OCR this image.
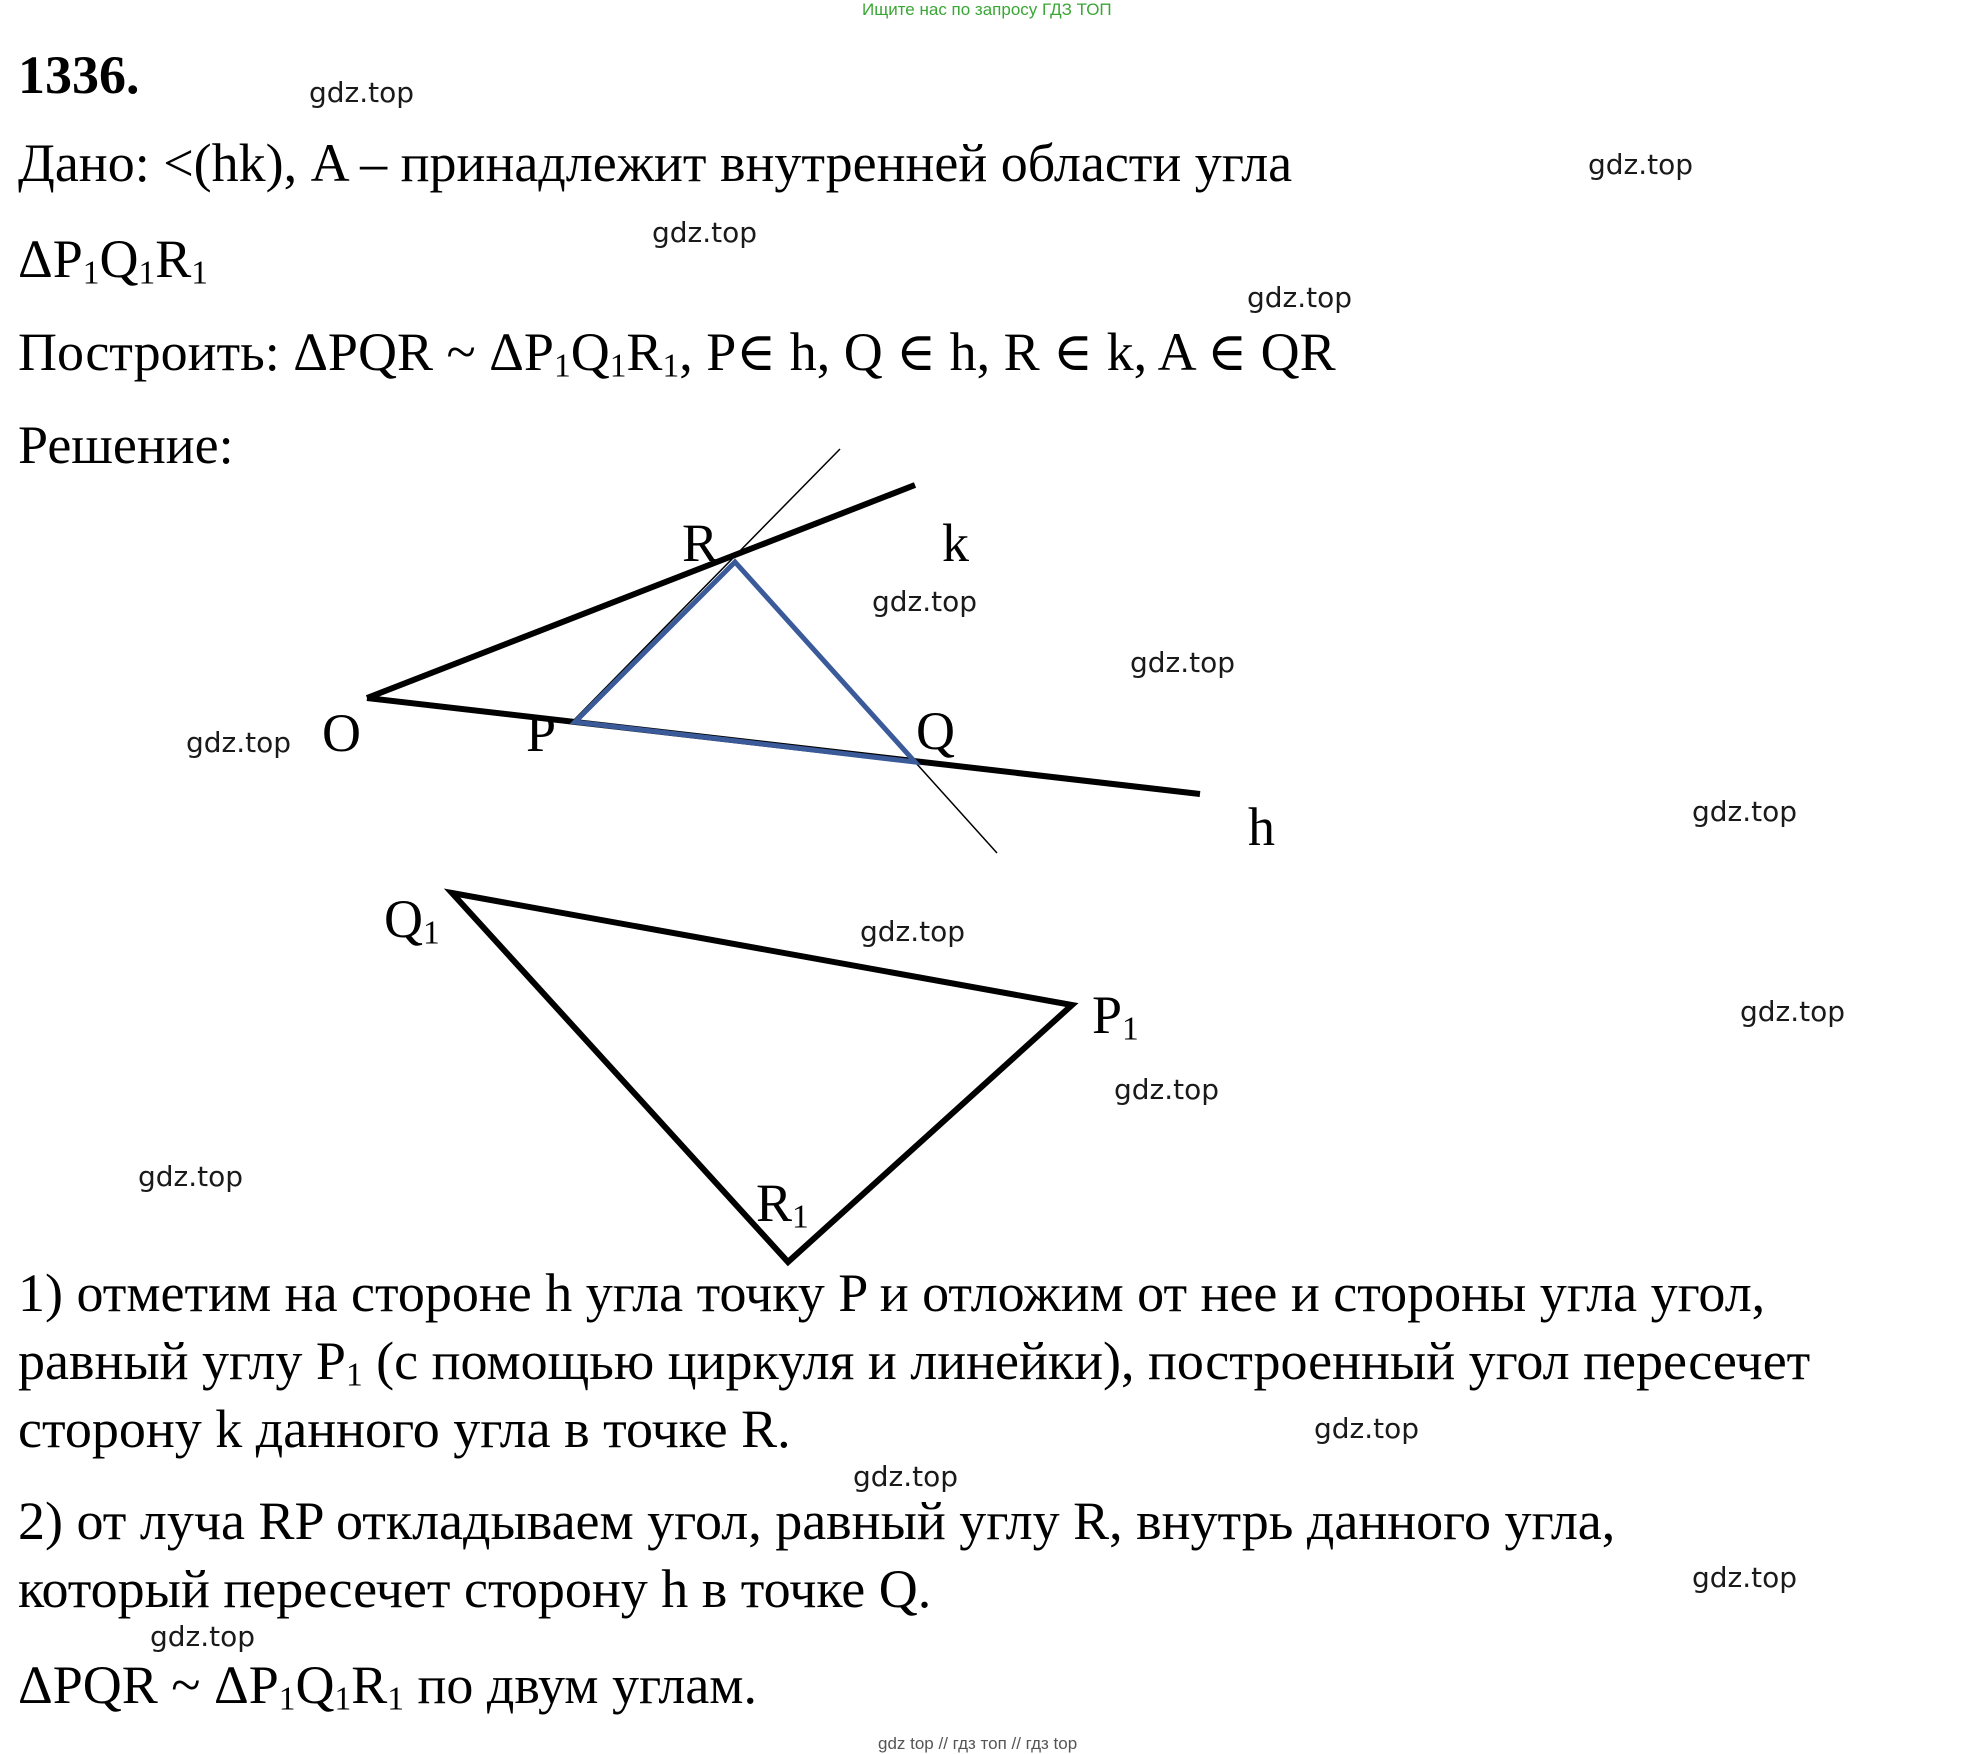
Ищите нас по запросу ГДЗ ТОП
1336.
Дано: <(hk), A – принадлежит внутренней области угла
$\Delta P_1Q_1R_1$
Построить: ΔPQR ~ $\Delta P_1Q_1R_1$, P∈ h, Q ∈ h, R ∈ k, A ∈ QR
Решение:
R	k
O	P	Q
h
$Q_1$
$P_1$
$R_1$
1) отметим на стороне h угла точку P и отложим от нее и стороны угла угол,
равный углу $P_1$ (с помощью циркуля и линейки), построенный угол пересечет
сторону k данного угла в точке R.
2) от луча RP откладываем угол, равный углу R, внутрь данного угла,
который пересечет сторону h в точке Q.
ΔPQR ~ $\Delta P_1Q_1R_1$ по двум углам.
gdz.top
gdz.top
gdz.top
gdz.top
gdz.top
gdz.top
gdz.top
gdz.top
gdz.top
gdz.top
gdz.top
gdz.top
gdz.top
gdz.top
gdz.top
gdz.top
gdz top // гдз топ // гдз top
